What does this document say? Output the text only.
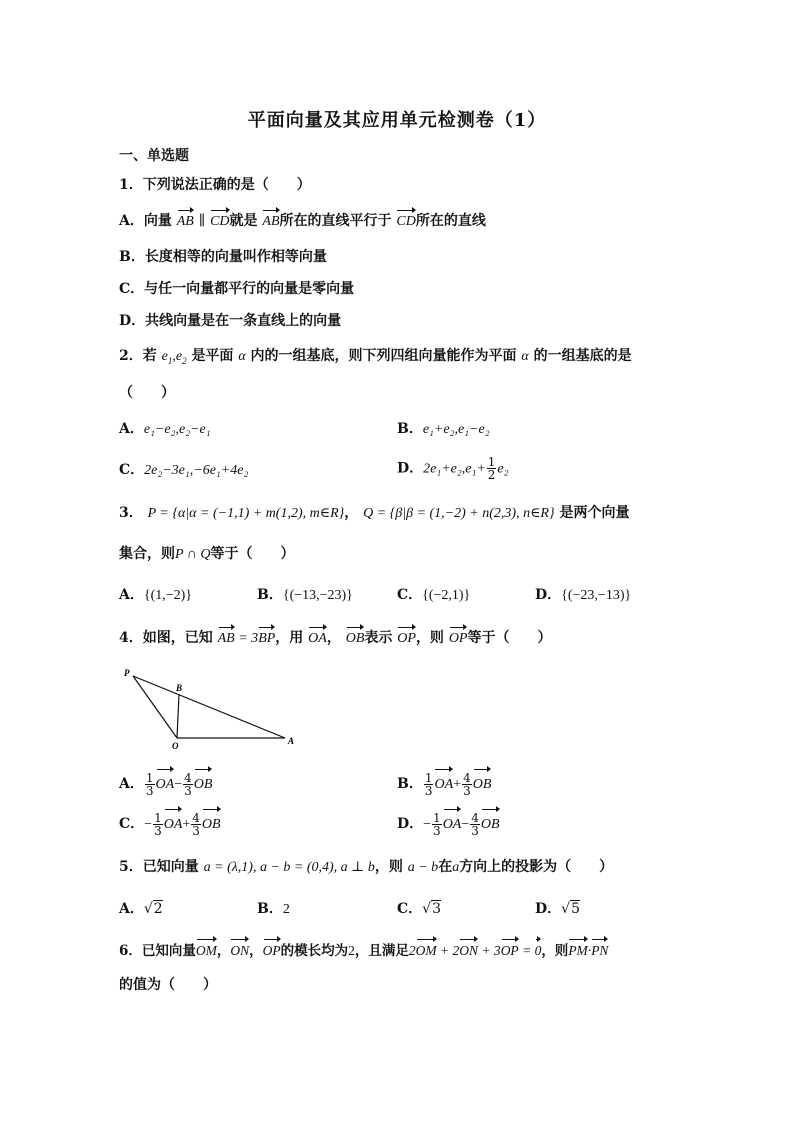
平面向量及其应用单元检测卷（1）
一、单选题
1．下列说法正确的是（　　）
A．向量 AB ∥ CD就是 AB所在的直线平行于 CD所在的直线
B．长度相等的向量叫作相等向量
C．与任一向量都平行的向量是零向量
D．共线向量是在一条直线上的向量
2．若 $e_1,e_2$ 是平面 α 内的一组基底，则下列四组向量能作为平面 α 的一组基底的是
（　　）
A．e₁−e₂,e₂−e₁	B．e₁+e₂,e₁−e₂
C．2e₂−3e₁,−6e₁+4e₂	D．$2e_1+e_2,e_1+ \frac{1}{2} e_2$
3． P = {α|α = (−1,1) + m(1,2), m∈R}， Q = {β|β = (1,−2) + n(2,3), n∈R} 是两个向量
集合，则P ∩ Q等于（　　）
A．{(1,−2)}	B．{(−13,−23)}	C．{(−2,1)}	D．{(−23,−13)}
4．如图，已知 AB = 3BP，用 OA， OB表示 OP，则 OP等于（　　）
P
B
O	A
A． $\frac{1}{3} OA- \frac{4}{3}$ OB	B． $\frac{1}{3} OA+ \frac{4}{3}$ OB
C．− $\frac{1}{3} OA+ \frac{4}{3}$ OB	D．− $\frac{1}{3} OA- \frac{4}{3}$ OB
5．已知向量 a = (λ,1), a − b = (0,4), a ⊥ b，则 a − b在a方向上的投影为（　　）
A．√2	B．2	C．√3	D．√5
6．已知向量OM，ON，OP的模长均为2，且满足2OM + 2ON + 3OP = 0，则PM·PN
的值为（　　）
